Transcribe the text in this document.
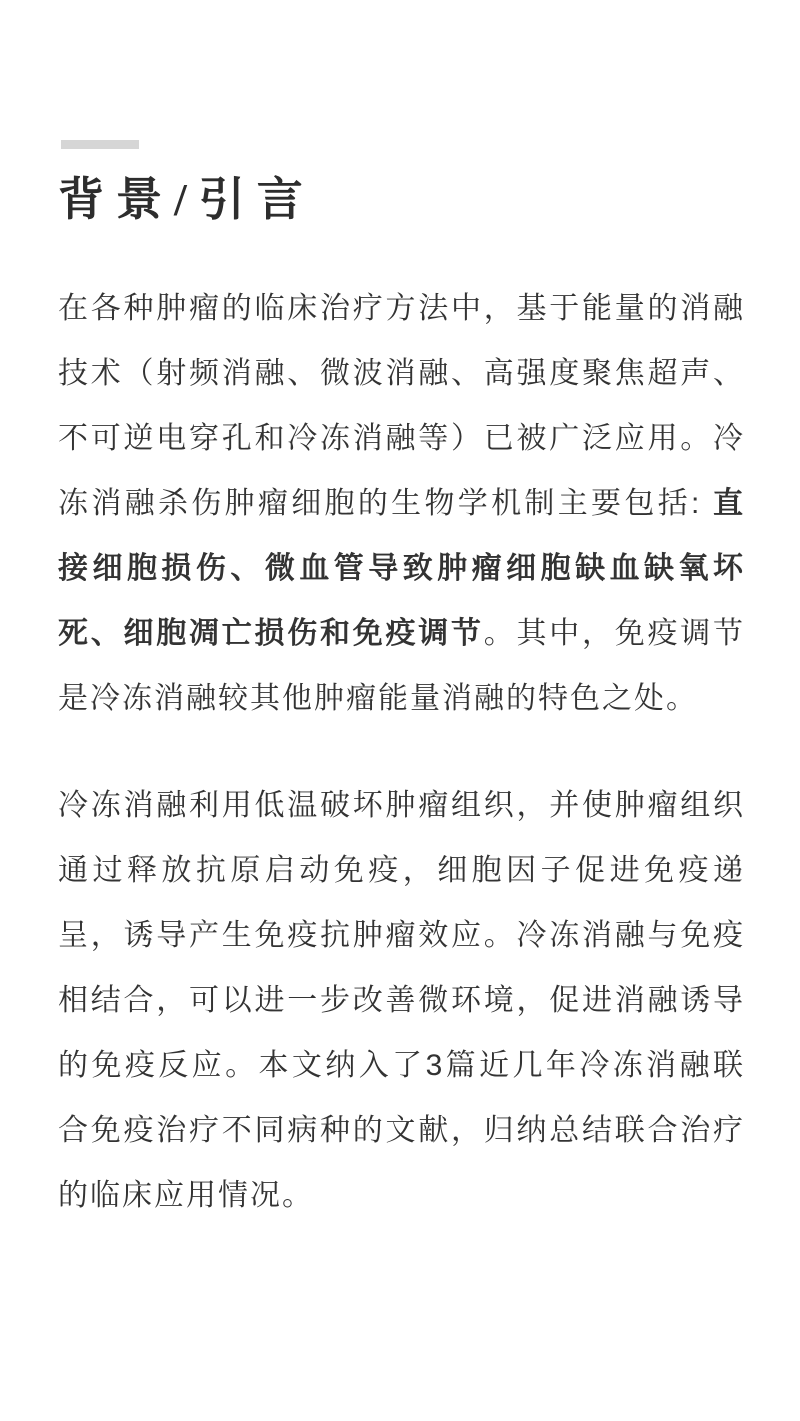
背景/引言

在各种肿瘤的临床治疗方法中，基于能量的消融技术（射频消融、微波消融、高强度聚焦超声、不可逆电穿孔和冷冻消融等）已被广泛应用。冷冻消融杀伤肿瘤细胞的生物学机制主要包括: 直接细胞损伤、微血管导致肿瘤细胞缺血缺氧坏死、细胞凋亡损伤和免疫调节。其中，免疫调节是冷冻消融较其他肿瘤能量消融的特色之处。

冷冻消融利用低温破坏肿瘤组织，并使肿瘤组织通过释放抗原启动免疫，细胞因子促进免疫递呈，诱导产生免疫抗肿瘤效应。冷冻消融与免疫相结合，可以进一步改善微环境，促进消融诱导的免疫反应。本文纳入了3篇近几年冷冻消融联合免疫治疗不同病种的文献，归纳总结联合治疗的临床应用情况。
